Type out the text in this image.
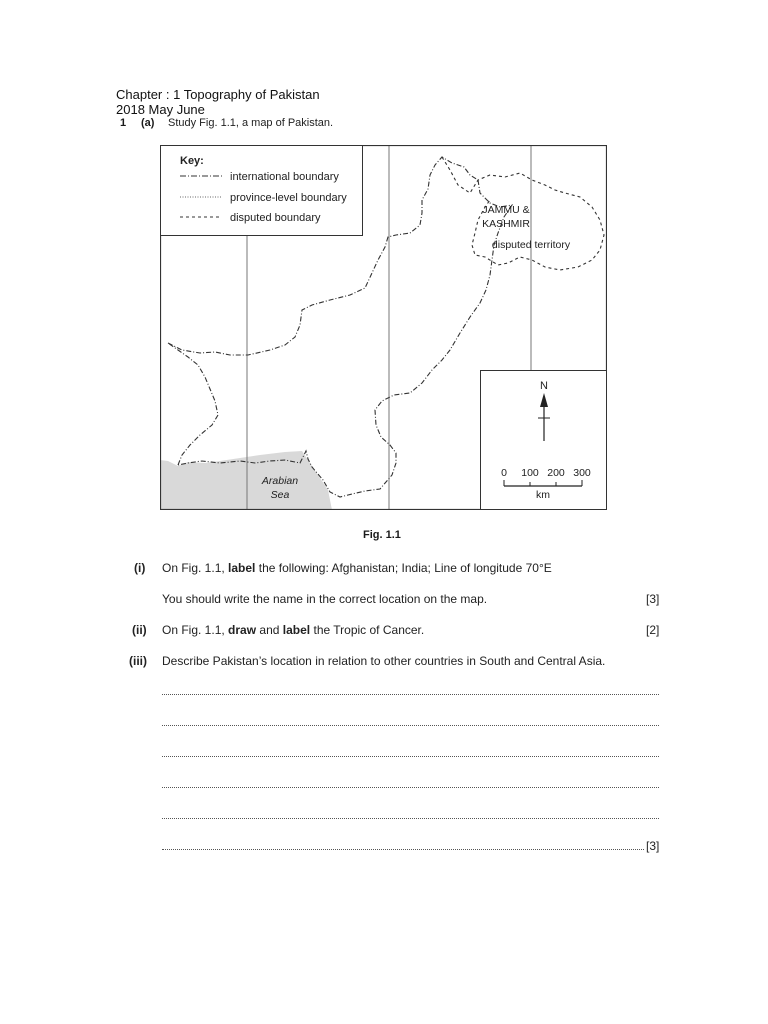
Chapter : 1 Topography of Pakistan
2018 May June
1 (a) Study Fig. 1.1, a map of Pakistan.
Key:
international boundary
province-level boundary
disputed boundary
JAMMU &
KASHMIR
disputed territory
Arabian
Sea
N
0 100 200 300
km
Fig. 1.1
(i) On Fig. 1.1, label the following: Afghanistan; India; Line of longitude 70°E
You should write the name in the correct location on the map.	[3]
(ii) On Fig. 1.1, draw and label the Tropic of Cancer.	[2]
(iii) Describe Pakistan’s location in relation to other countries in South and Central Asia.
[3]
